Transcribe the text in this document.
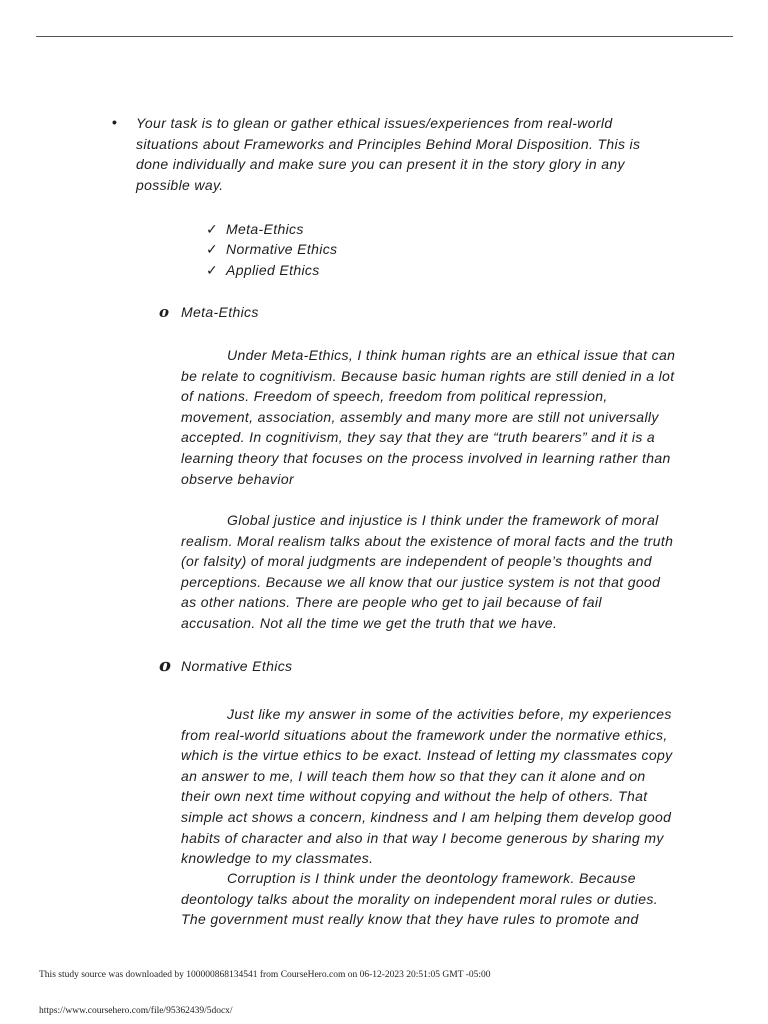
• Your task is to glean or gather ethical issues/experiences from real-world situations about Frameworks and Principles Behind Moral Disposition. This is done individually and make sure you can present it in the story glory in any possible way.

✓ Meta-Ethics
✓ Normative Ethics
✓ Applied Ethics
o Meta-Ethics

Under Meta-Ethics, I think human rights are an ethical issue that can be relate to cognitivism. Because basic human rights are still denied in a lot of nations. Freedom of speech, freedom from political repression, movement, association, assembly and many more are still not universally accepted. In cognitivism, they say that they are “truth bearers” and it is a learning theory that focuses on the process involved in learning rather than observe behavior

Global justice and injustice is I think under the framework of moral realism. Moral realism talks about the existence of moral facts and the truth (or falsity) of moral judgments are independent of people’s thoughts and perceptions. Because we all know that our justice system is not that good as other nations. There are people who get to jail because of fail accusation. Not all the time we get the truth that we have.

o Normative Ethics

Just like my answer in some of the activities before, my experiences from real-world situations about the framework under the normative ethics, which is the virtue ethics to be exact. Instead of letting my classmates copy an answer to me, I will teach them how so that they can it alone and on their own next time without copying and without the help of others. That simple act shows a concern, kindness and I am helping them develop good habits of character and also in that way I become generous by sharing my knowledge to my classmates.

Corruption is I think under the deontology framework. Because deontology talks about the morality on independent moral rules or duties. The government must really know that they have rules to promote and

This study source was downloaded by 100000868134541 from CourseHero.com on 06-12-2023 20:51:05 GMT -05:00
https://www.coursehero.com/file/95362439/5docx/
